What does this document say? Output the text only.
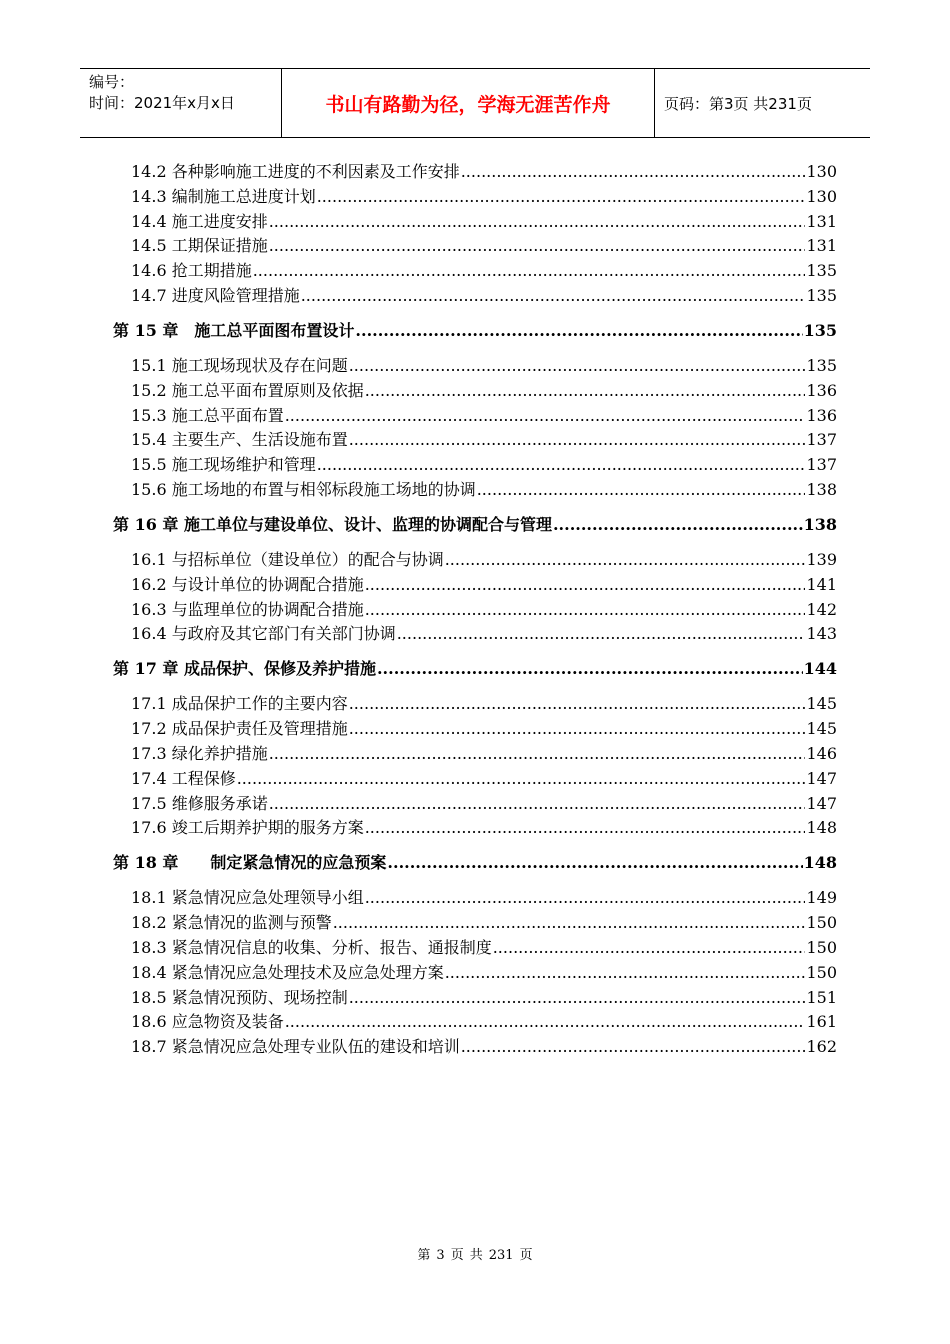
编号：
时间：2021年x月x日	书山有路勤为径，学海无涯苦作舟	页码：第3页 共231页
14.2 各种影响施工进度的不利因素及工作安排 .....	130
14.3 编制施工总进度计划 .....	130
14.4 施工进度安排 .....	131
14.5 工期保证措施 .....	131
14.6 抢工期措施 .....	135
14.7 进度风险管理措施 .....	135
第 15 章　施工总平面图布置设计 .....	135
15.1 施工现场现状及存在问题 .....	135
15.2 施工总平面布置原则及依据 .....	136
15.3 施工总平面布置 .....	136
15.4 主要生产、生活设施布置 .....	137
15.5 施工现场维护和管理 .....	137
15.6 施工场地的布置与相邻标段施工场地的协调 .....	138
第 16 章 施工单位与建设单位、设计、监理的协调配合与管理 .....	138
16.1 与招标单位（建设单位）的配合与协调 .....	139
16.2 与设计单位的协调配合措施 .....	141
16.3 与监理单位的协调配合措施 .....	142
16.4 与政府及其它部门有关部门协调 .....	143
第 17 章 成品保护、保修及养护措施 .....	144
17.1 成品保护工作的主要内容 .....	145
17.2 成品保护责任及管理措施 .....	145
17.3 绿化养护措施 .....	146
17.4 工程保修 .....	147
17.5 维修服务承诺 .....	147
17.6 竣工后期养护期的服务方案 .....	148
第 18 章　　制定紧急情况的应急预案 .....	148
18.1 紧急情况应急处理领导小组 .....	149
18.2 紧急情况的监测与预警 .....	150
18.3 紧急情况信息的收集、分析、报告、通报制度 .....	150
18.4 紧急情况应急处理技术及应急处理方案 .....	150
18.5 紧急情况预防、现场控制 .....	151
18.6 应急物资及装备 .....	161
18.7 紧急情况应急处理专业队伍的建设和培训 .....	162
第 3 页 共 231 页
